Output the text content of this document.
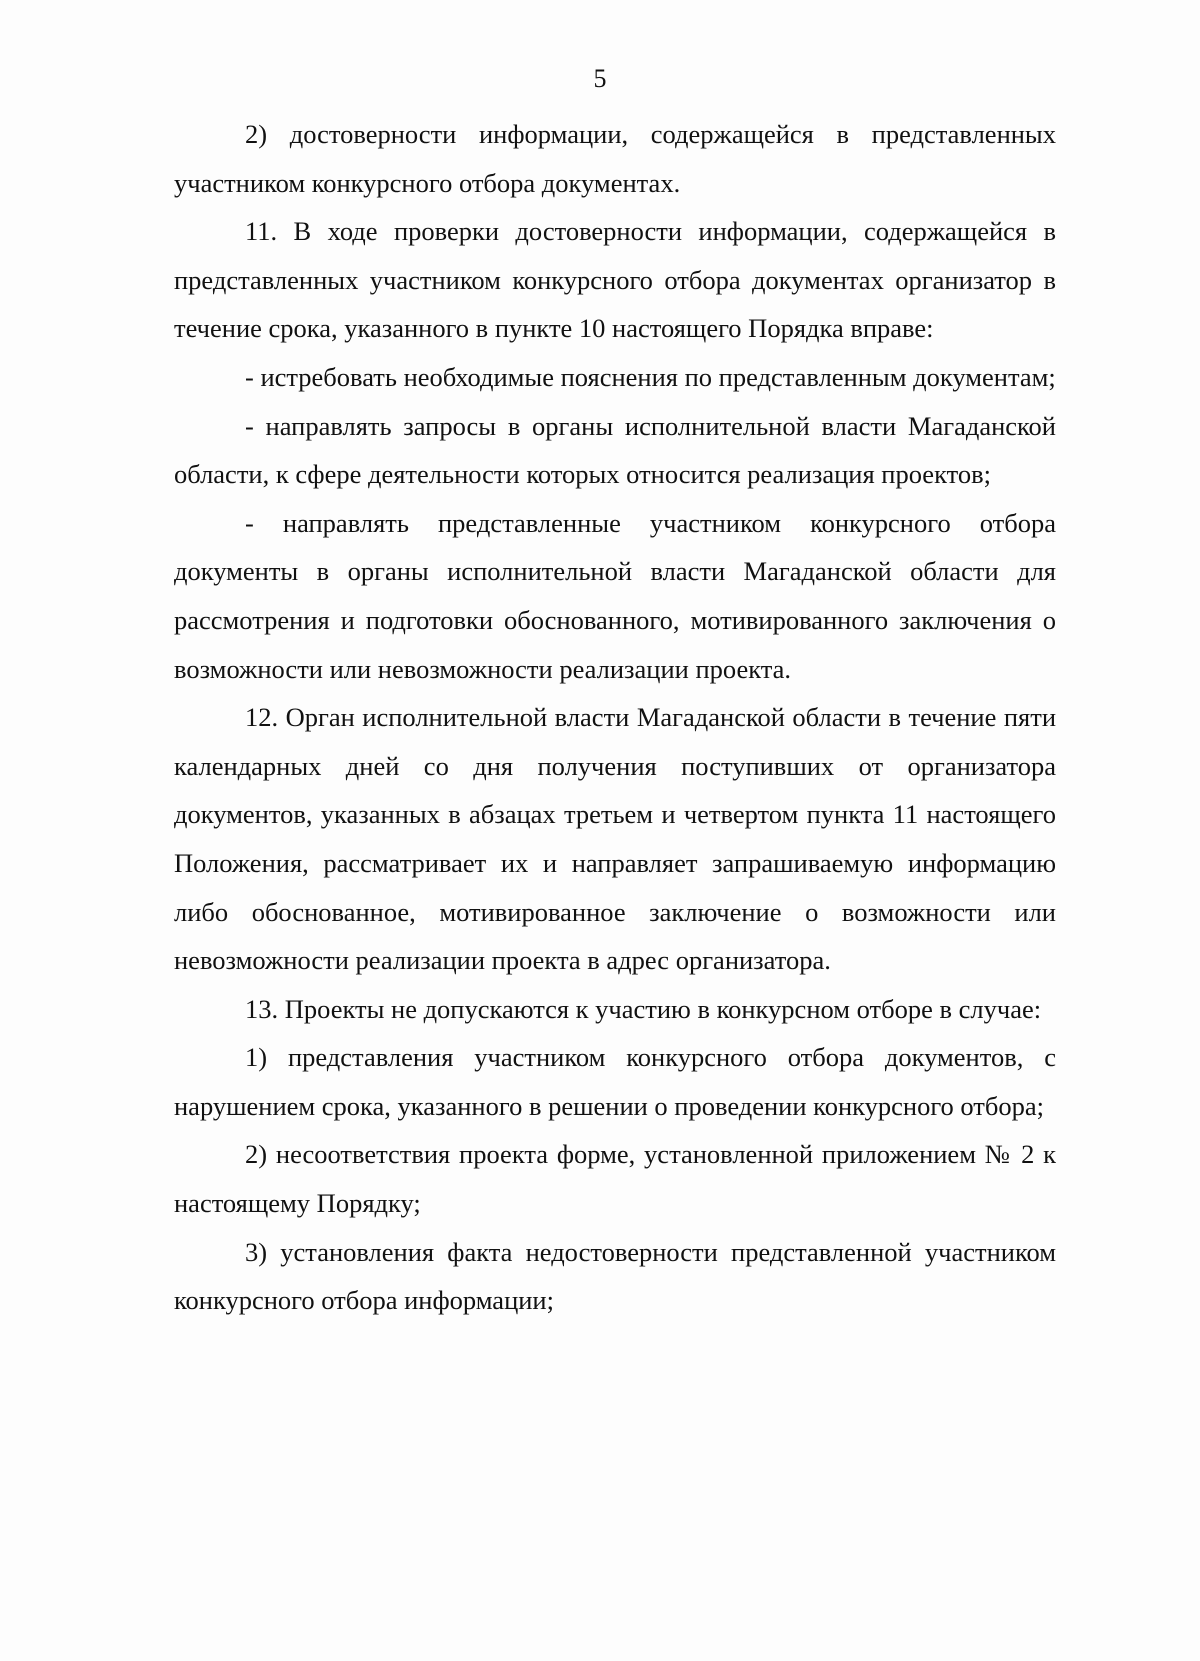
5

2) достоверности информации, содержащейся в представленных участником конкурсного отбора документах.

11. В ходе проверки достоверности информации, содержащейся в представленных участником конкурсного отбора документах организатор в течение срока, указанного в пункте 10 настоящего Порядка вправе:

- истребовать необходимые пояснения по представленным документам;

- направлять запросы в органы исполнительной власти Магаданской области, к сфере деятельности которых относится реализация проектов;

- направлять представленные участником конкурсного отбора документы в органы исполнительной власти Магаданской области для рассмотрения и подготовки обоснованного, мотивированного заключения о возможности или невозможности реализации проекта.

12. Орган исполнительной власти Магаданской области в течение пяти календарных дней со дня получения поступивших от организатора документов, указанных в абзацах третьем и четвертом пункта 11 настоящего Положения, рассматривает их и направляет запрашиваемую информацию либо обоснованное, мотивированное заключение о возможности или невозможности реализации проекта в адрес организатора.

13. Проекты не допускаются к участию в конкурсном отборе в случае:

1) представления участником конкурсного отбора документов, с нарушением срока, указанного в решении о проведении конкурсного отбора;

2) несоответствия проекта форме, установленной приложением № 2 к настоящему Порядку;

3) установления факта недостоверности представленной участником конкурсного отбора информации;
